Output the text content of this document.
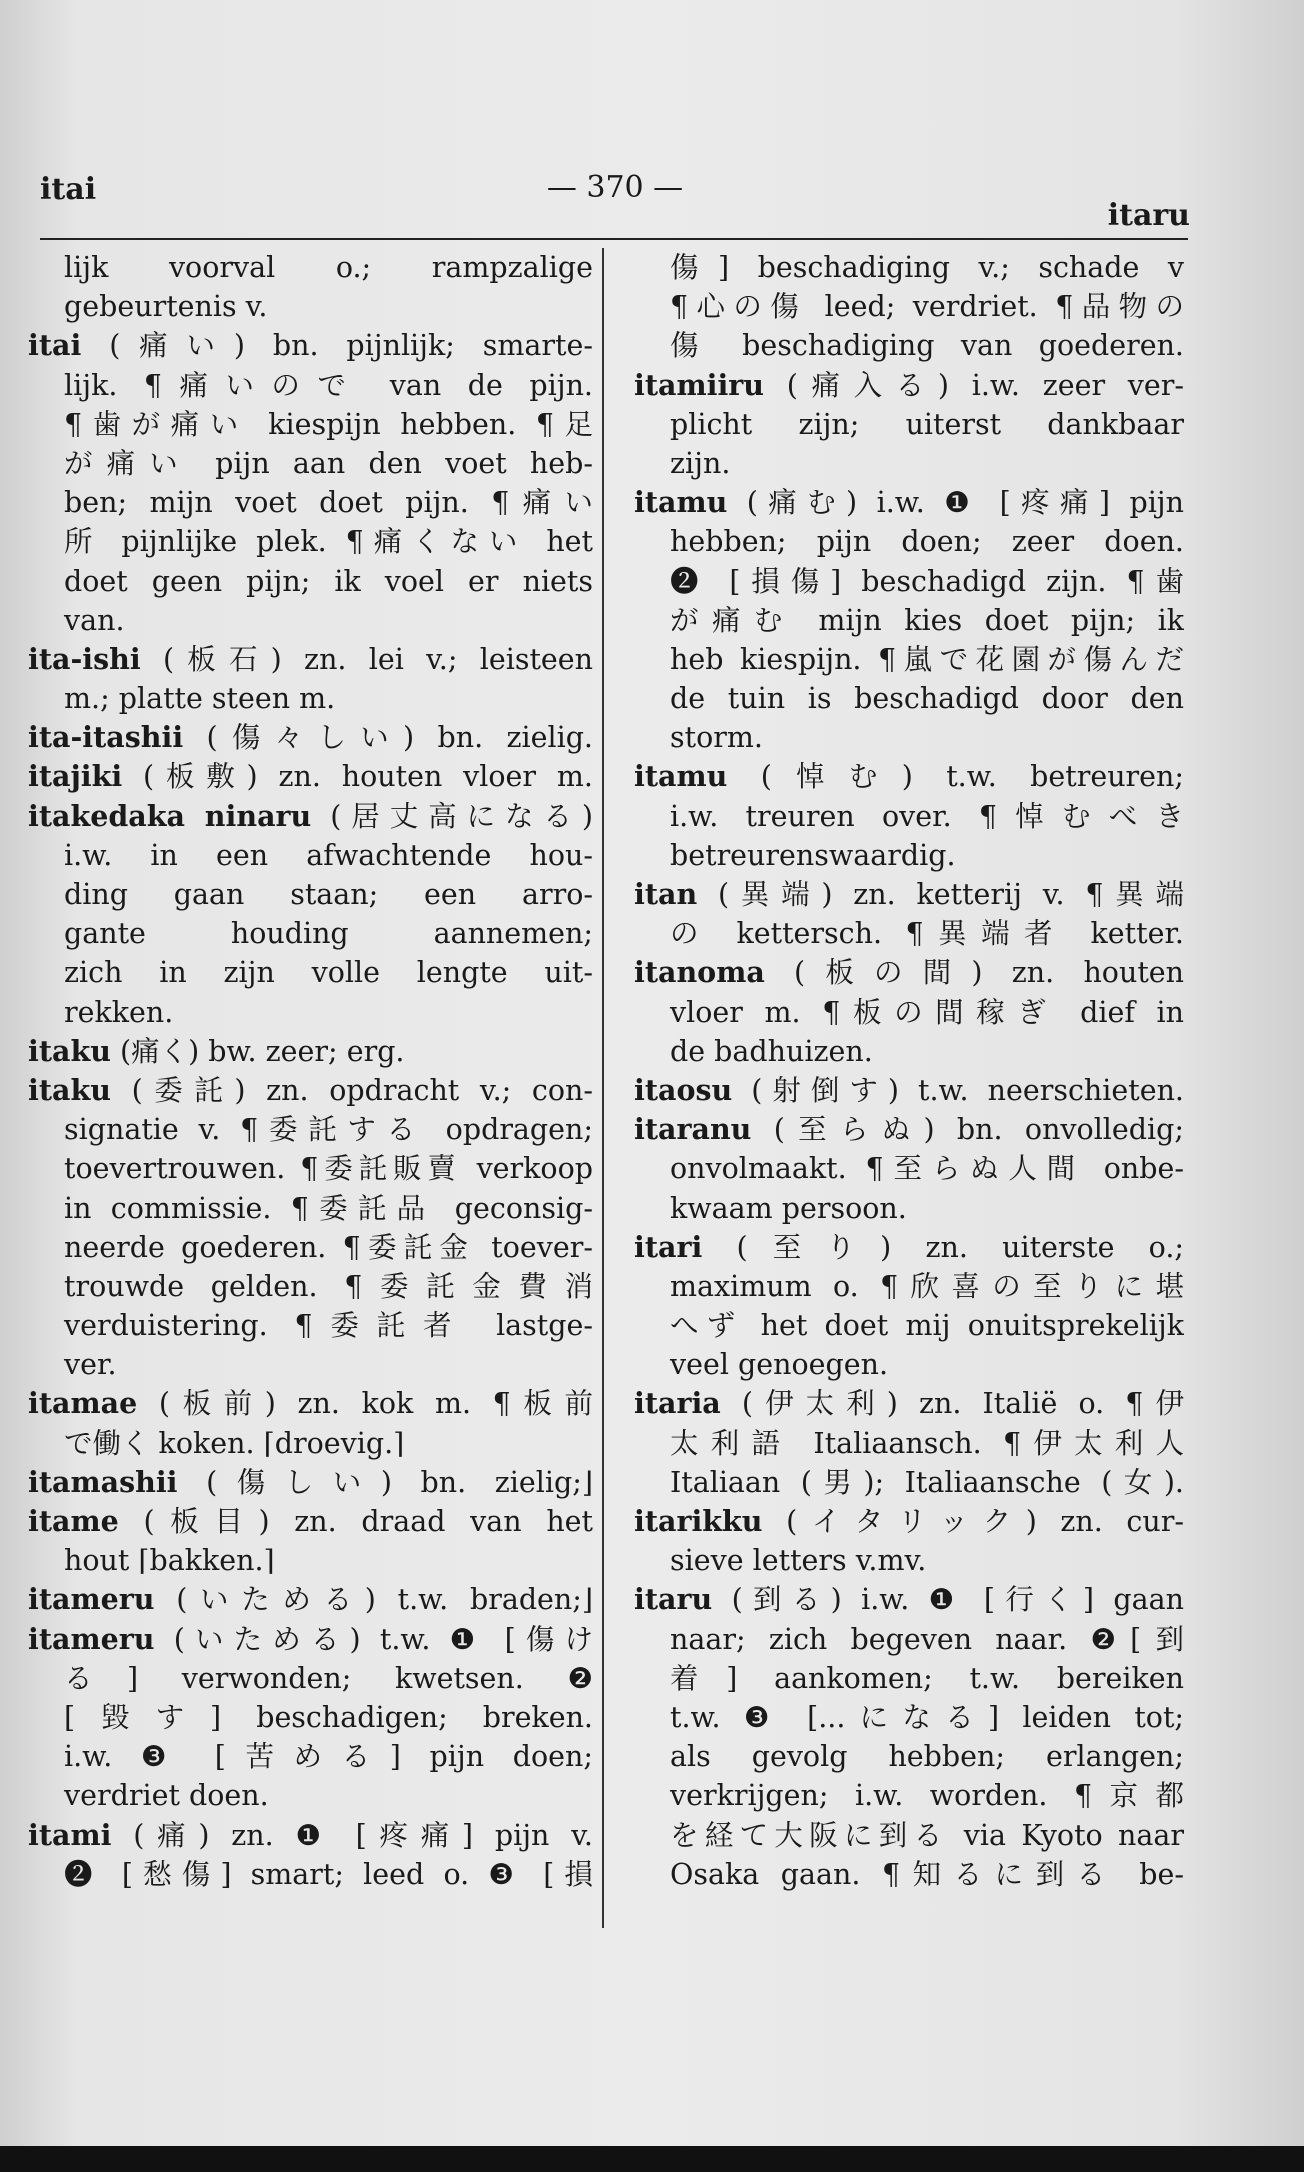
itai	— 370 —
itaru
lijk voorval o.; rampzalige
gebeurtenis v.
itai (痛い) bn. pijnlijk; smarte-
lijk. ¶痛いので van de pijn.
¶歯が痛い kiespijn hebben. ¶足
が痛い pijn aan den voet heb-
ben; mijn voet doet pijn. ¶痛い
所 pijnlijke plek. ¶痛くない het
doet geen pijn; ik voel er niets
van.
ita-ishi (板石) zn. lei v.; leisteen
m.; platte steen m.
ita-itashii (傷々しい) bn. zielig.
itajiki (板敷) zn. houten vloer m.
itakedaka ninaru (居丈高になる)
i.w. in een afwachtende hou-
ding gaan staan; een arro-
gante houding aannemen;
zich in zijn volle lengte uit-
rekken.
itaku (痛く) bw. zeer; erg.
itaku (委託) zn. opdracht v.; con-
signatie v. ¶委託する opdragen;
toevertrouwen. ¶委託販賣 verkoop
in commissie. ¶委託品 geconsig-
neerde goederen. ¶委託金 toever-
trouwde gelden. ¶委託金費消
verduistering. ¶委託者 lastge-
ver.
itamae (板前) zn. kok m. ¶板前
で働く koken. ⌈droevig.⌉
itamashii (傷しい) bn. zielig;⌋
itame (板目) zn. draad van het
hout ⌈bakken.⌉
itameru (いためる) t.w. braden;⌋
itameru (いためる) t.w. ❶ [傷け
る] verwonden; kwetsen. ❷
[毀す] beschadigen; breken.
i.w. ❸ [苦める] pijn doen;
verdriet doen.
itami (痛) zn. ❶ [疼痛] pijn v.
❷ [愁傷] smart; leed o. ❸ [損
傷] beschadiging v.; schade v
¶心の傷 leed; verdriet. ¶品物の
傷 beschadiging van goederen.
itamiiru (痛入る) i.w. zeer ver-
plicht zijn; uiterst dankbaar
zijn.
itamu (痛む) i.w. ❶ [疼痛] pijn
hebben; pijn doen; zeer doen.
❷ [損傷] beschadigd zijn. ¶歯
が痛む mijn kies doet pijn; ik
heb kiespijn. ¶嵐で花園が傷んだ
de tuin is beschadigd door den
storm.
itamu (悼む) t.w. betreuren;
i.w. treuren over. ¶悼むべき
betreurenswaardig.
itan (異端) zn. ketterij v. ¶異端
の kettersch. ¶異端者 ketter.
itanoma (板の間) zn. houten
vloer m. ¶板の間稼ぎ dief in
de badhuizen.
itaosu (射倒す) t.w. neerschieten.
itaranu (至らぬ) bn. onvolledig;
onvolmaakt. ¶至らぬ人間 onbe-
kwaam persoon.
itari (至り) zn. uiterste o.;
maximum o. ¶欣喜の至りに堪
へず het doet mij onuitsprekelijk
veel genoegen.
itaria (伊太利) zn. Italië o. ¶伊
太利語 Italiaansch. ¶伊太利人
Italiaan (男); Italiaansche (女).
itarikku (イタリック) zn. cur-
sieve letters v.mv.
itaru (到る) i.w. ❶ [行く] gaan
naar; zich begeven naar. ❷[到
着] aankomen; t.w. bereiken
t.w. ❸ [...になる] leiden tot;
als gevolg hebben; erlangen;
verkrijgen; i.w. worden. ¶京都
を経て大阪に到る via Kyoto naar
Osaka gaan. ¶知るに到る be-
